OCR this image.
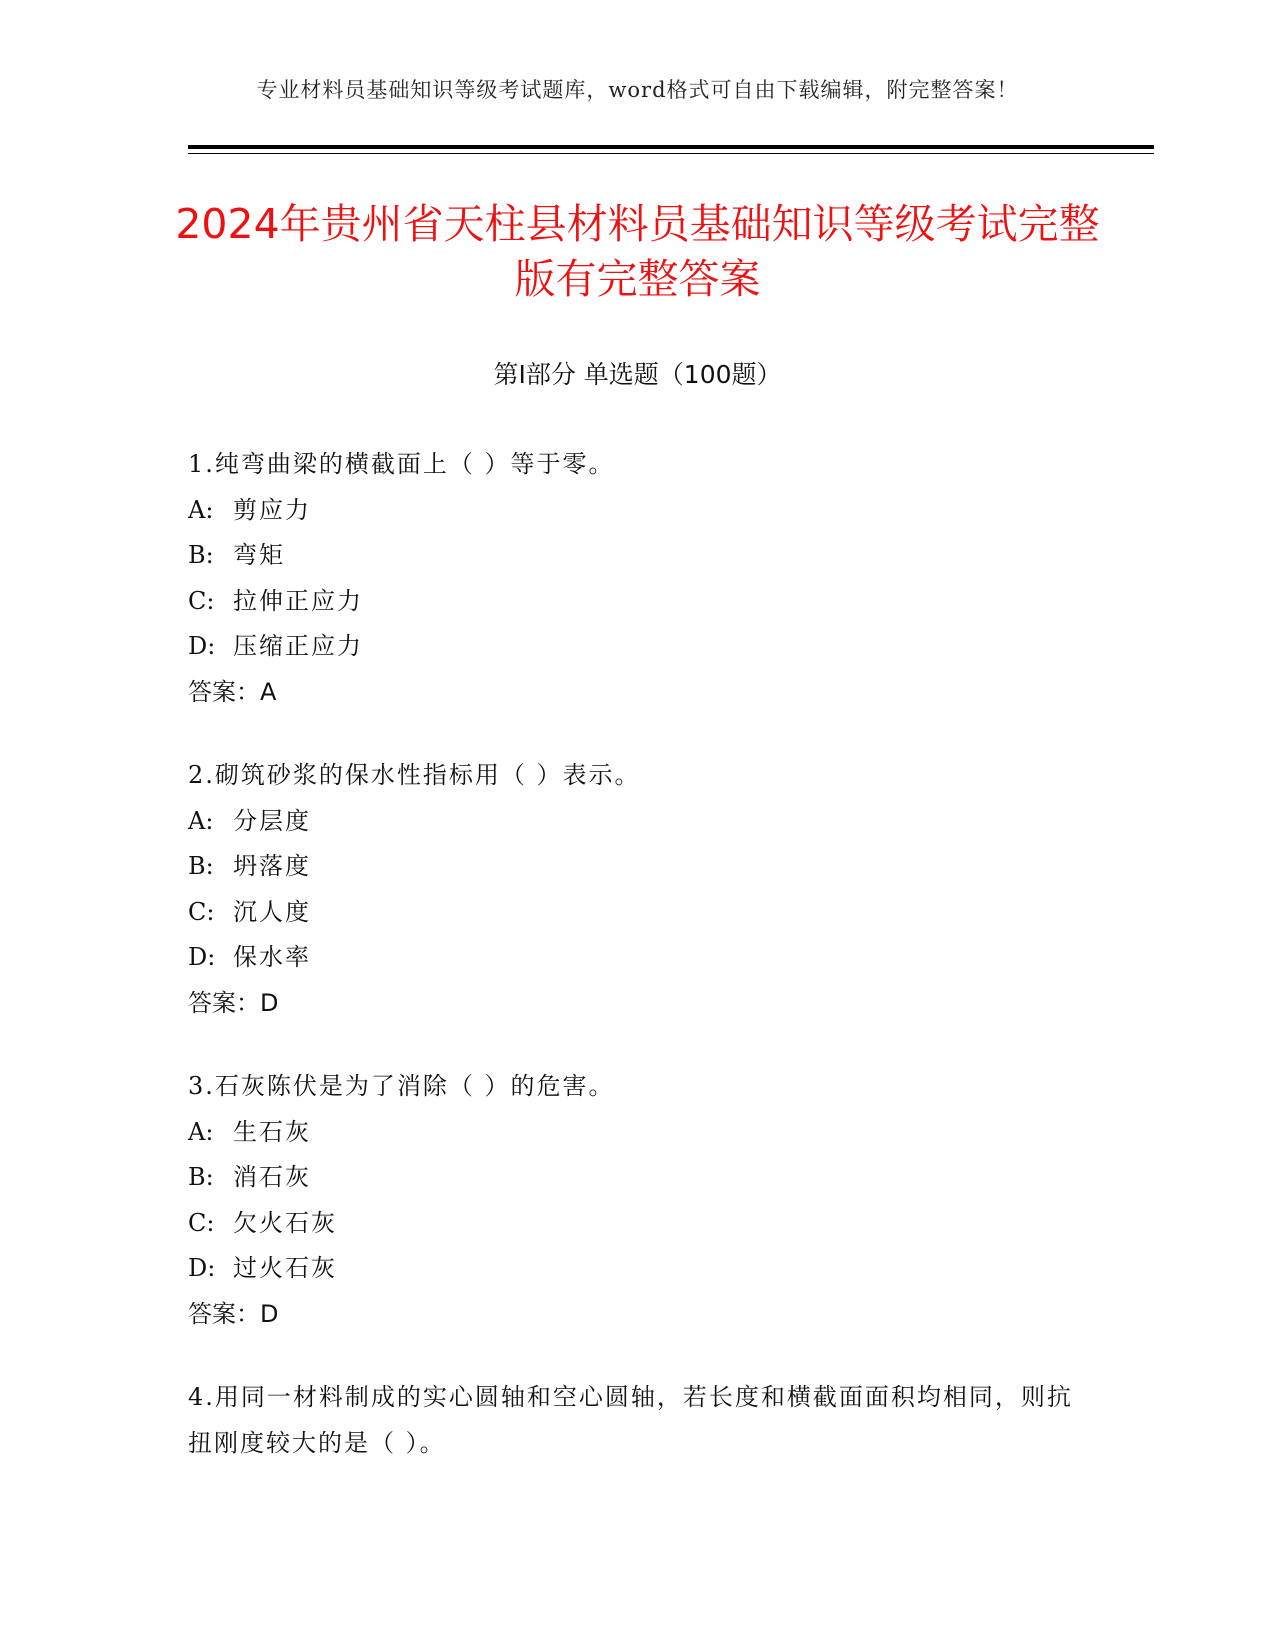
专业材料员基础知识等级考试题库，word格式可自由下载编辑，附完整答案！
2024年贵州省天柱县材料员基础知识等级考试完整版有完整答案
第Ⅰ部分 单选题（100题）
1.纯弯曲梁的横截面上（ ）等于零。
A: 剪应力
B: 弯矩
C: 拉伸正应力
D: 压缩正应力
答案：A
2.砌筑砂浆的保水性指标用（ ）表示。
A: 分层度
B: 坍落度
C: 沉人度
D: 保水率
答案：D
3.石灰陈伏是为了消除（ ）的危害。
A: 生石灰
B: 消石灰
C: 欠火石灰
D: 过火石灰
答案：D
4.用同一材料制成的实心圆轴和空心圆轴，若长度和横截面面积均相同，则抗扭刚度较大的是（ ）。
